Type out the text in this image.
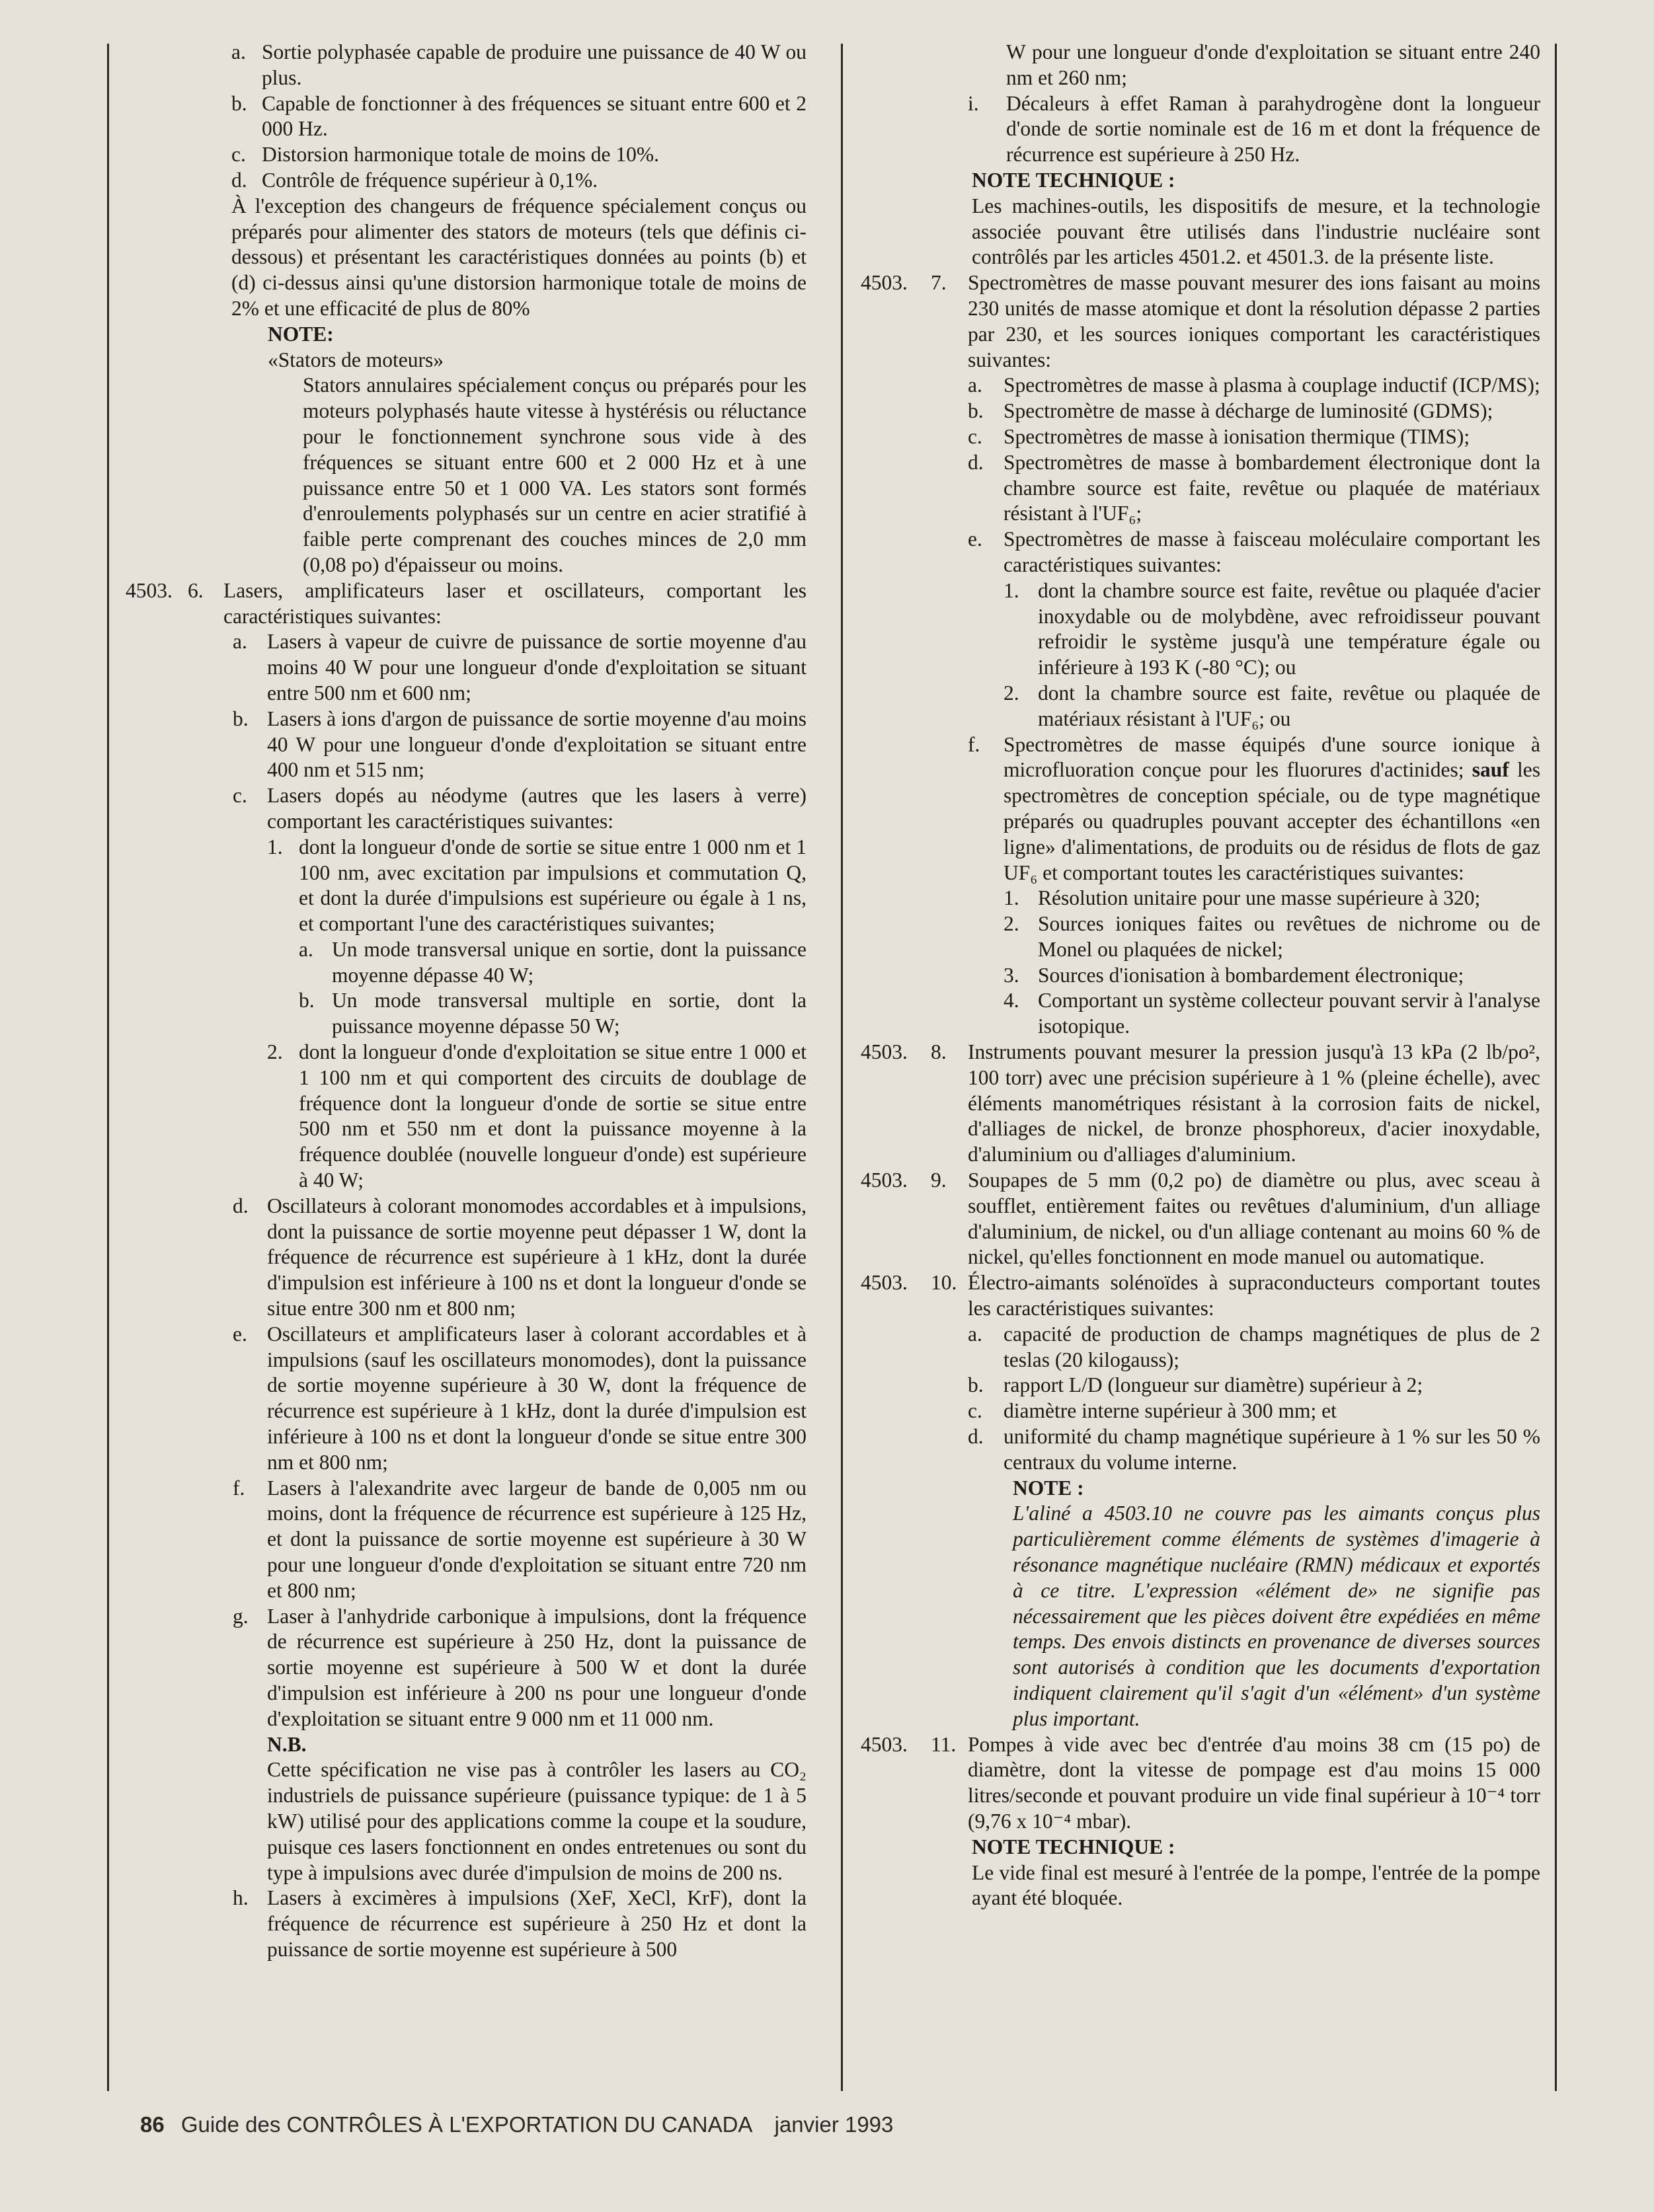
a. Sortie polyphasée capable de produire une puissance de 40 W ou plus.
b. Capable de fonctionner à des fréquences se situant entre 600 et 2 000 Hz.
c. Distorsion harmonique totale de moins de 10%.
d. Contrôle de fréquence supérieur à 0,1%.

À l'exception des changeurs de fréquence spécialement conçus ou préparés pour alimenter des stators de moteurs (tels que définis ci-dessous) et présentant les caractéristiques données au points (b) et (d) ci-dessus ainsi qu'une distorsion harmonique totale de moins de 2% et une efficacité de plus de 80%

NOTE:

«Stators de moteurs»

Stators annulaires spécialement conçus ou préparés pour les moteurs polyphasés haute vitesse à hystérésis ou réluctance pour le fonctionnement synchrone sous vide à des fréquences se situant entre 600 et 2 000 Hz et à une puissance entre 50 et 1 000 VA. Les stators sont formés d'enroulements polyphasés sur un centre en acier stratifié à faible perte comprenant des couches minces de 2,0 mm (0,08 po) d'épaisseur ou moins.

4503. 6. Lasers, amplificateurs laser et oscillateurs, comportant les caractéristiques suivantes:
a. Lasers à vapeur de cuivre de puissance de sortie moyenne d'au moins 40 W pour une longueur d'onde d'exploitation se situant entre 500 nm et 600 nm;
b. Lasers à ions d'argon de puissance de sortie moyenne d'au moins 40 W pour une longueur d'onde d'exploitation se situant entre 400 nm et 515 nm;
c. Lasers dopés au néodyme (autres que les lasers à verre) comportant les caractéristiques suivantes:
1. dont la longueur d'onde de sortie se situe entre 1 000 nm et 1 100 nm, avec excitation par impulsions et commutation Q, et dont la durée d'impulsions est supérieure ou égale à 1 ns, et comportant l'une des caractéristiques suivantes;
a. Un mode transversal unique en sortie, dont la puissance moyenne dépasse 40 W;
b. Un mode transversal multiple en sortie, dont la puissance moyenne dépasse 50 W;
2. dont la longueur d'onde d'exploitation se situe entre 1 000 et 1 100 nm et qui comportent des circuits de doublage de fréquence dont la longueur d'onde de sortie se situe entre 500 nm et 550 nm et dont la puissance moyenne à la fréquence doublée (nouvelle longueur d'onde) est supérieure à 40 W;
d. Oscillateurs à colorant monomodes accordables et à impulsions, dont la puissance de sortie moyenne peut dépasser 1 W, dont la fréquence de récurrence est supérieure à 1 kHz, dont la durée d'impulsion est inférieure à 100 ns et dont la longueur d'onde se situe entre 300 nm et 800 nm;
e. Oscillateurs et amplificateurs laser à colorant accordables et à impulsions (sauf les oscillateurs monomodes), dont la puissance de sortie moyenne supérieure à 30 W, dont la fréquence de récurrence est supérieure à 1 kHz, dont la durée d'impulsion est inférieure à 100 ns et dont la longueur d'onde se situe entre 300 nm et 800 nm;
f.	Lasers à l'alexandrite avec largeur de bande de 0,005 nm ou moins, dont la fréquence de récurrence est supérieure à 125 Hz, et dont la puissance de sortie moyenne est supérieure à 30 W pour une longueur d'onde d'exploitation se situant entre 720 nm et 800 nm;
g. Laser à l'anhydride carbonique à impulsions, dont la fréquence de récurrence est supérieure à 250 Hz, dont la puissance de sortie moyenne est supérieure à 500 W et dont la durée d'impulsion est inférieure à 200 ns pour une longueur d'onde d'exploitation se situant entre 9 000 nm et 11 000 nm.

N.B.

Cette spécification ne vise pas à contrôler les lasers au CO₂ industriels de puissance supérieure (puissance typique: de 1 à 5 kW) utilisé pour des applications comme la coupe et la soudure, puisque ces lasers fonctionnent en ondes entretenues ou sont du type à impulsions avec durée d'impulsion de moins de 200 ns.

h. Lasers à excimères à impulsions (XeF, XeCl, KrF), dont la fréquence de récurrence est supérieure à 250 Hz et dont la puissance de sortie moyenne est supérieure à 500

W pour une longueur d'onde d'exploitation se situant entre 240 nm et 260 nm;

i.	Décaleurs à effet Raman à parahydrogène dont la longueur d'onde de sortie nominale est de 16 m et dont la fréquence de récurrence est supérieure à 250 Hz.

NOTE TECHNIQUE :

Les machines-outils, les dispositifs de mesure, et la technologie associée pouvant être utilisés dans l'industrie nucléaire sont contrôlés par les articles 4501.2. et 4501.3. de la présente liste.

4503.	7.	Spectromètres de masse pouvant mesurer des ions faisant au moins 230 unités de masse atomique et dont la résolution dépasse 2 parties par 230, et les sources ioniques comportant les caractéristiques suivantes:
a.	Spectromètres de masse à plasma à couplage inductif (ICP/MS);
b. Spectromètre de masse à décharge de luminosité (GDMS);
c.	Spectromètres de masse à ionisation thermique (TIMS);
d. Spectromètres de masse à bombardement électronique dont la chambre source est faite, revêtue ou plaquée de matériaux résistant à l'UF₆;
e.	Spectromètres de masse à faisceau moléculaire comportant les caractéristiques suivantes:
1. dont la chambre source est faite, revêtue ou plaquée d'acier inoxydable ou de molybdène, avec refroidisseur pouvant refroidir le système jusqu'à une température égale ou inférieure à 193 K (-80 °C); ou
2. dont la chambre source est faite, revêtue ou plaquée de matériaux résistant à l'UF₆; ou
f.	Spectromètres de masse équipés d'une source ionique à microfluoration conçue pour les fluorures d'actinides; sauf les spectromètres de conception spéciale, ou de type magnétique préparés ou quadruples pouvant accepter des échantillons «en ligne» d'alimentations, de produits ou de résidus de flots de gaz UF₆ et comportant toutes les caractéristiques suivantes:
1. Résolution unitaire pour une masse supérieure à 320;
2. Sources ioniques faites ou revêtues de nichrome ou de Monel ou plaquées de nickel;
3. Sources d'ionisation à bombardement électronique;
4. Comportant un système collecteur pouvant servir à l'analyse isotopique.
4503.	8.	Instruments pouvant mesurer la pression jusqu'à 13 kPa (2 lb/po², 100 torr) avec une précision supérieure à 1 % (pleine échelle), avec éléments manométriques résistant à la corrosion faits de nickel, d'alliages de nickel, de bronze phosphoreux, d'acier inoxydable, d'aluminium ou d'alliages d'aluminium.
4503.	9.	Soupapes de 5 mm (0,2 po) de diamètre ou plus, avec sceau à soufflet, entièrement faites ou revêtues d'aluminium, d'un alliage d'aluminium, de nickel, ou d'un alliage contenant au moins 60 % de nickel, qu'elles fonctionnent en mode manuel ou automatique.
4503.	10. Électro-aimants solénoïdes à supraconducteurs comportant toutes les caractéristiques suivantes:
a.	capacité de production de champs magnétiques de plus de 2 teslas (20 kilogauss);
b. rapport L/D (longueur sur diamètre) supérieur à 2;
c.	diamètre interne supérieur à 300 mm; et
d. uniformité du champ magnétique supérieure à 1 % sur les 50 % centraux du volume interne.

NOTE :

L'aliné a 4503.10 ne couvre pas les aimants conçus plus particulièrement comme éléments de systèmes d'imagerie à résonance magnétique nucléaire (RMN) médicaux et exportés à ce titre. L'expression «élément de» ne signifie pas nécessairement que les pièces doivent être expédiées en même temps. Des envois distincts en provenance de diverses sources sont autorisés à condition que les documents d'exportation indiquent clairement qu'il s'agit d'un «élément» d'un système plus important.

4503.	11. Pompes à vide avec bec d'entrée d'au moins 38 cm (15 po) de diamètre, dont la vitesse de pompage est d'au moins 15 000 litres/seconde et pouvant produire un vide final supérieur à 10⁻⁴ torr (9,76 x 10⁻⁴ mbar).

NOTE TECHNIQUE :

Le vide final est mesuré à l'entrée de la pompe, l'entrée de la pompe ayant été bloquée.

86 Guide des CONTRÔLES À L'EXPORTATION DU CANADA janvier 1993
